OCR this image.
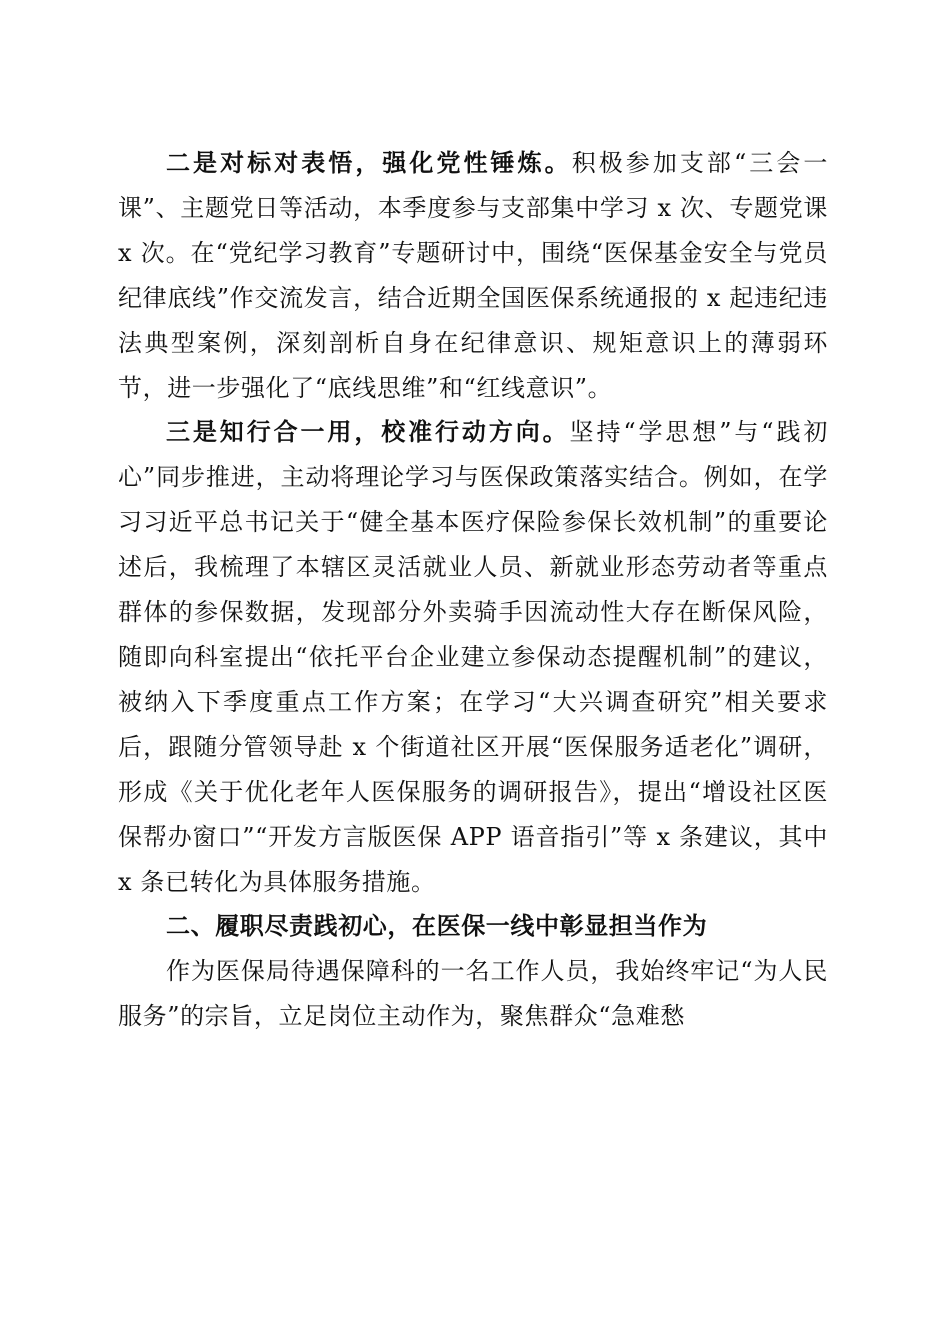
二是对标对表悟，强化党性锤炼。积极参加支部“三会一课”、主题党日等活动，本季度参与支部集中学习 x 次、专题党课 x 次。在“党纪学习教育”专题研讨中，围绕“医保基金安全与党员纪律底线”作交流发言，结合近期全国医保系统通报的 x 起违纪违法典型案例，深刻剖析自身在纪律意识、规矩意识上的薄弱环节，进一步强化了“底线思维”和“红线意识”。

三是知行合一用，校准行动方向。坚持“学思想”与“践初心”同步推进，主动将理论学习与医保政策落实结合。例如，在学习习近平总书记关于“健全基本医疗保险参保长效机制”的重要论述后，我梳理了本辖区灵活就业人员、新就业形态劳动者等重点群体的参保数据，发现部分外卖骑手因流动性大存在断保风险，随即向科室提出“依托平台企业建立参保动态提醒机制”的建议，被纳入下季度重点工作方案；在学习“大兴调查研究”相关要求后，跟随分管领导赴 x 个街道社区开展“医保服务适老化”调研，形成《关于优化老年人医保服务的调研报告》，提出“增设社区医保帮办窗口”“开发方言版医保 APP 语音指引”等 x 条建议，其中 x 条已转化为具体服务措施。

二、履职尽责践初心，在医保一线中彰显担当作为

作为医保局待遇保障科的一名工作人员，我始终牢记“为人民服务”的宗旨，立足岗位主动作为，聚焦群众“急难愁
